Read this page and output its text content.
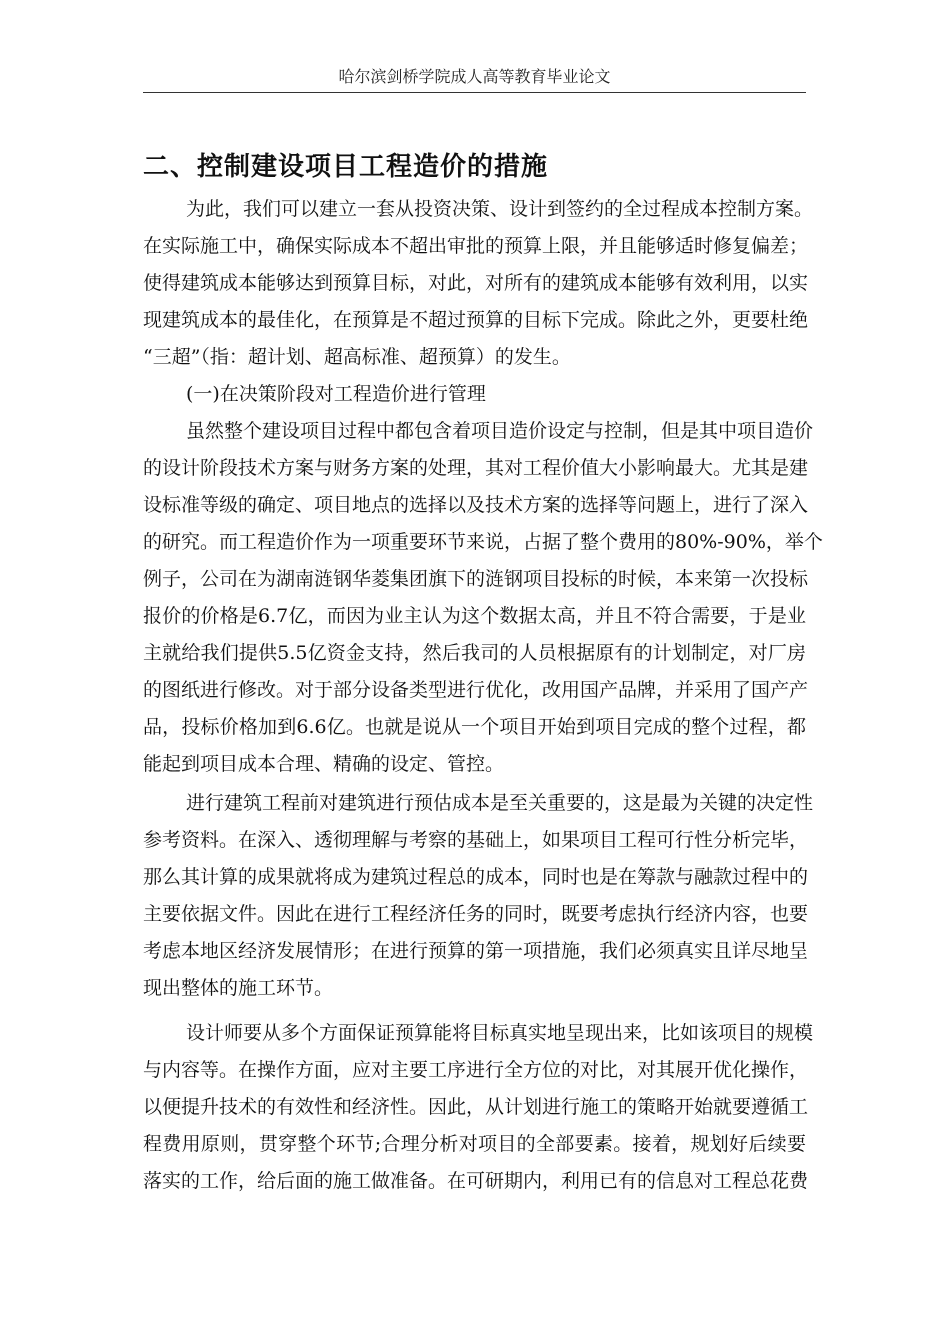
哈尔滨剑桥学院成人高等教育毕业论文
二、控制建设项目工程造价的措施
为此，我们可以建立一套从投资决策、设计到签约的全过程成本控制方案。
在实际施工中，确保实际成本不超出审批的预算上限，并且能够适时修复偏差；
使得建筑成本能够达到预算目标，对此，对所有的建筑成本能够有效利用，以实
现建筑成本的最佳化，在预算是不超过预算的目标下完成。除此之外，更要杜绝
“三超”（指：超计划、超高标准、超预算）的发生。
(一)在决策阶段对工程造价进行管理
虽然整个建设项目过程中都包含着项目造价设定与控制，但是其中项目造价
的设计阶段技术方案与财务方案的处理，其对工程价值大小影响最大。尤其是建
设标准等级的确定、项目地点的选择以及技术方案的选择等问题上，进行了深入
的研究。而工程造价作为一项重要环节来说，占据了整个费用的80%-90%，举个
例子，公司在为湖南涟钢华菱集团旗下的涟钢项目投标的时候，本来第一次投标
报价的价格是6.7亿，而因为业主认为这个数据太高，并且不符合需要，于是业
主就给我们提供5.5亿资金支持，然后我司的人员根据原有的计划制定，对厂房
的图纸进行修改。对于部分设备类型进行优化，改用国产品牌，并采用了国产产
品，投标价格加到6.6亿。也就是说从一个项目开始到项目完成的整个过程，都
能起到项目成本合理、精确的设定、管控。
进行建筑工程前对建筑进行预估成本是至关重要的，这是最为关键的决定性
参考资料。在深入、透彻理解与考察的基础上，如果项目工程可行性分析完毕，
那么其计算的成果就将成为建筑过程总的成本，同时也是在筹款与融款过程中的
主要依据文件。因此在进行工程经济任务的同时，既要考虑执行经济内容，也要
考虑本地区经济发展情形；在进行预算的第一项措施，我们必须真实且详尽地呈
现出整体的施工环节。
设计师要从多个方面保证预算能将目标真实地呈现出来，比如该项目的规模
与内容等。在操作方面，应对主要工序进行全方位的对比，对其展开优化操作，
以便提升技术的有效性和经济性。因此，从计划进行施工的策略开始就要遵循工
程费用原则，贯穿整个环节;合理分析对项目的全部要素。接着，规划好后续要
落实的工作，给后面的施工做准备。在可研期内，利用已有的信息对工程总花费
